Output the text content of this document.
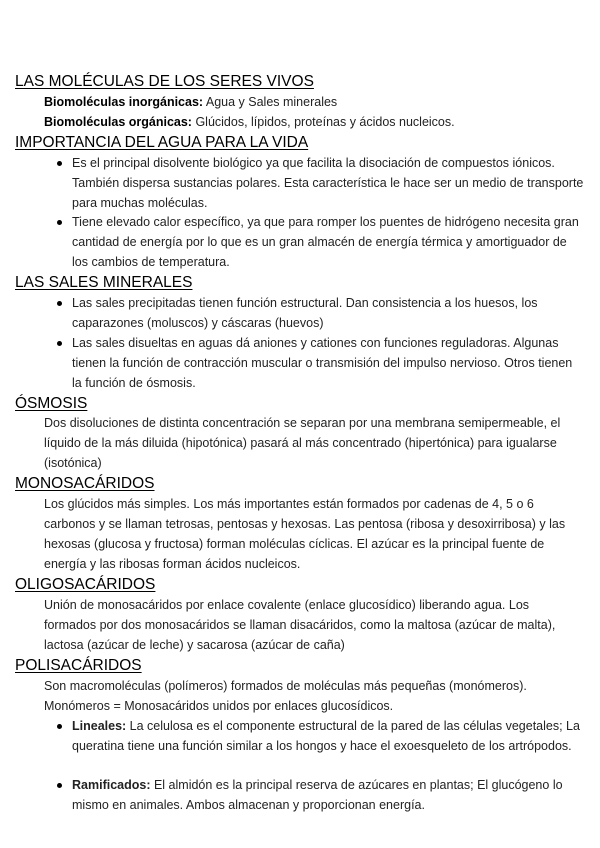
LAS MOLÉCULAS DE LOS SERES VIVOS

Biomoléculas inorgánicas: Agua y Sales minerales

Biomoléculas orgánicas: Glúcidos, lípidos, proteínas y ácidos nucleicos.

IMPORTANCIA DEL AGUA PARA LA VIDA
Es el principal disolvente biológico ya que facilita la disociación de compuestos iónicos. También dispersa sustancias polares. Esta característica le hace ser un medio de transporte para muchas moléculas.
Tiene elevado calor específico, ya que para romper los puentes de hidrógeno necesita gran cantidad de energía por lo que es un gran almacén de energía térmica y amortiguador de los cambios de temperatura.
LAS SALES MINERALES
Las sales precipitadas tienen función estructural. Dan consistencia a los huesos, los caparazones (moluscos) y cáscaras (huevos)
Las sales disueltas en aguas dá aniones y cationes con funciones reguladoras. Algunas tienen la función de contracción muscular o transmisión del impulso nervioso. Otros tienen la función de ósmosis.
ÓSMOSIS

Dos disoluciones de distinta concentración se separan por una membrana semipermeable, el líquido de la más diluida (hipotónica) pasará al más concentrado (hipertónica) para igualarse (isotónica)

MONOSACÁRIDOS

Los glúcidos más simples. Los más importantes están formados por cadenas de 4, 5 o 6 carbonos y se llaman tetrosas, pentosas y hexosas. Las pentosa (ribosa y desoxirribosa) y las hexosas (glucosa y fructosa) forman moléculas cíclicas. El azúcar es la principal fuente de energía y las ribosas forman ácidos nucleicos.

OLIGOSACÁRIDOS

Unión de monosacáridos por enlace covalente (enlace glucosídico) liberando agua. Los formados por dos monosacáridos se llaman disacáridos, como la maltosa (azúcar de malta), lactosa (azúcar de leche) y sacarosa (azúcar de caña)

POLISACÁRIDOS

Son macromoléculas (polímeros) formados de moléculas más pequeñas (monómeros). Monómeros = Monosacáridos unidos por enlaces glucosídicos.

Lineales: La celulosa es el componente estructural de la pared de las células vegetales; La queratina tiene una función similar a los hongos y hace el exoesqueleto de los artrópodos.
Ramificados: El almidón es la principal reserva de azúcares en plantas; El glucógeno lo mismo en animales. Ambos almacenan y proporcionan energía.
